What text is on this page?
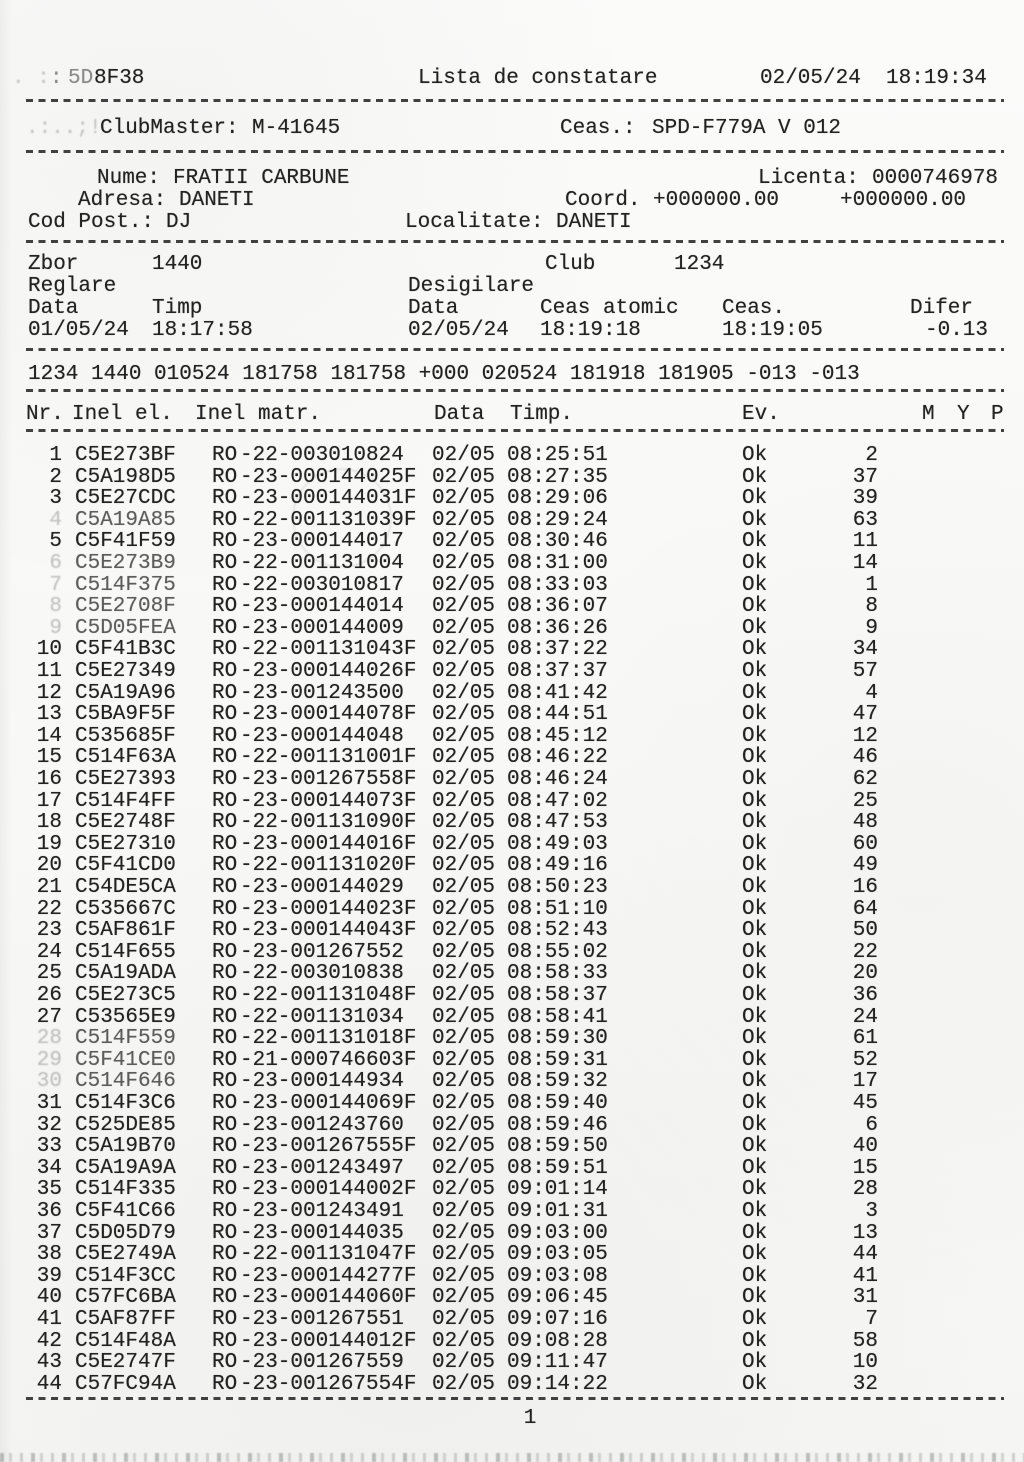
. : : 5D 8F38	Lista de constatare	02/05/24  18:19:34
.:..;!
ClubMaster: M-41645	Ceas.: SPD-F779A V 012
Nume: FRATII CARBUNE	Licenta: 0000746978
Adresa: DANETI	Coord. +000000.00	+000000.00
Cod Post.: DJ	Localitate: DANETI
Zbor	1440	Club	1234
Reglare	Desigilare
Data	Timp	Data	Ceas atomic Ceas.	Difer
01/05/24 18:17:58	02/05/24 18:19:18	18:19:05	-0.13
1234 1440 010524 181758 181758 +000 020524 181918 181905 -013 -013
Nr. Inel el. Inel matr.	Data Timp.	Ev.	M Y P
1 C5E273BF RO -22-003010824 02/05 08:25:51	Ok	2
2 C5A198D5 RO -23-000144025F 02/05 08:27:35	Ok	37
3 C5E27CDC RO -23-000144031F 02/05 08:29:06	Ok	39
4 C5A19A85 RO -22-001131039F 02/05 08:29:24	Ok	63
5 C5F41F59 RO -23-000144017 02/05 08:30:46	Ok	11
6 C5E273B9 RO -22-001131004 02/05 08:31:00	Ok	14
7 C514F375 RO -22-003010817 02/05 08:33:03	Ok	1
8 C5E2708F RO -23-000144014 02/05 08:36:07	Ok	8
9 C5D05FEA RO -23-000144009 02/05 08:36:26	Ok	9
10 C5F41B3C RO -22-001131043F 02/05 08:37:22	Ok	34
11 C5E27349 RO -23-000144026F 02/05 08:37:37	Ok	57
12 C5A19A96 RO -23-001243500 02/05 08:41:42	Ok	4
13 C5BA9F5F RO -23-000144078F 02/05 08:44:51	Ok	47
14 C535685F RO -23-000144048 02/05 08:45:12	Ok	12
15 C514F63A RO -22-001131001F 02/05 08:46:22	Ok	46
16 C5E27393 RO -23-001267558F 02/05 08:46:24	Ok	62
17 C514F4FF RO -23-000144073F 02/05 08:47:02	Ok	25
18 C5E2748F RO -22-001131090F 02/05 08:47:53	Ok	48
19 C5E27310 RO -23-000144016F 02/05 08:49:03	Ok	60
20 C5F41CD0 RO -22-001131020F 02/05 08:49:16	Ok	49
21 C54DE5CA RO -23-000144029 02/05 08:50:23	Ok	16
22 C535667C RO -23-000144023F 02/05 08:51:10	Ok	64
23 C5AF861F RO -23-000144043F 02/05 08:52:43	Ok	50
24 C514F655 RO -23-001267552 02/05 08:55:02	Ok	22
25 C5A19ADA RO -22-003010838 02/05 08:58:33	Ok	20
26 C5E273C5 RO -22-001131048F 02/05 08:58:37	Ok	36
27 C53565E9 RO -22-001131034 02/05 08:58:41	Ok	24
28 C514F559 RO -22-001131018F 02/05 08:59:30	Ok	61
29 C5F41CE0 RO -21-000746603F 02/05 08:59:31	Ok	52
30 C514F646 RO -23-000144934 02/05 08:59:32	Ok	17
31 C514F3C6 RO -23-000144069F 02/05 08:59:40	Ok	45
32 C525DE85 RO -23-001243760 02/05 08:59:46	Ok	6
33 C5A19B70 RO -23-001267555F 02/05 08:59:50	Ok	40
34 C5A19A9A RO -23-001243497 02/05 08:59:51	Ok	15
35 C514F335 RO -23-000144002F 02/05 09:01:14	Ok	28
36 C5F41C66 RO -23-001243491 02/05 09:01:31	Ok	3
37 C5D05D79 RO -23-000144035 02/05 09:03:00	Ok	13
38 C5E2749A RO -22-001131047F 02/05 09:03:05	Ok	44
39 C514F3CC RO -23-000144277F 02/05 09:03:08	Ok	41
40 C57FC6BA RO -23-000144060F 02/05 09:06:45	Ok	31
41 C5AF87FF RO -23-001267551 02/05 09:07:16	Ok	7
42 C514F48A RO -23-000144012F 02/05 09:08:28	Ok	58
43 C5E2747F RO -23-001267559 02/05 09:11:47	Ok	10
44 C57FC94A RO -23-001267554F 02/05 09:14:22	Ok	32
1
